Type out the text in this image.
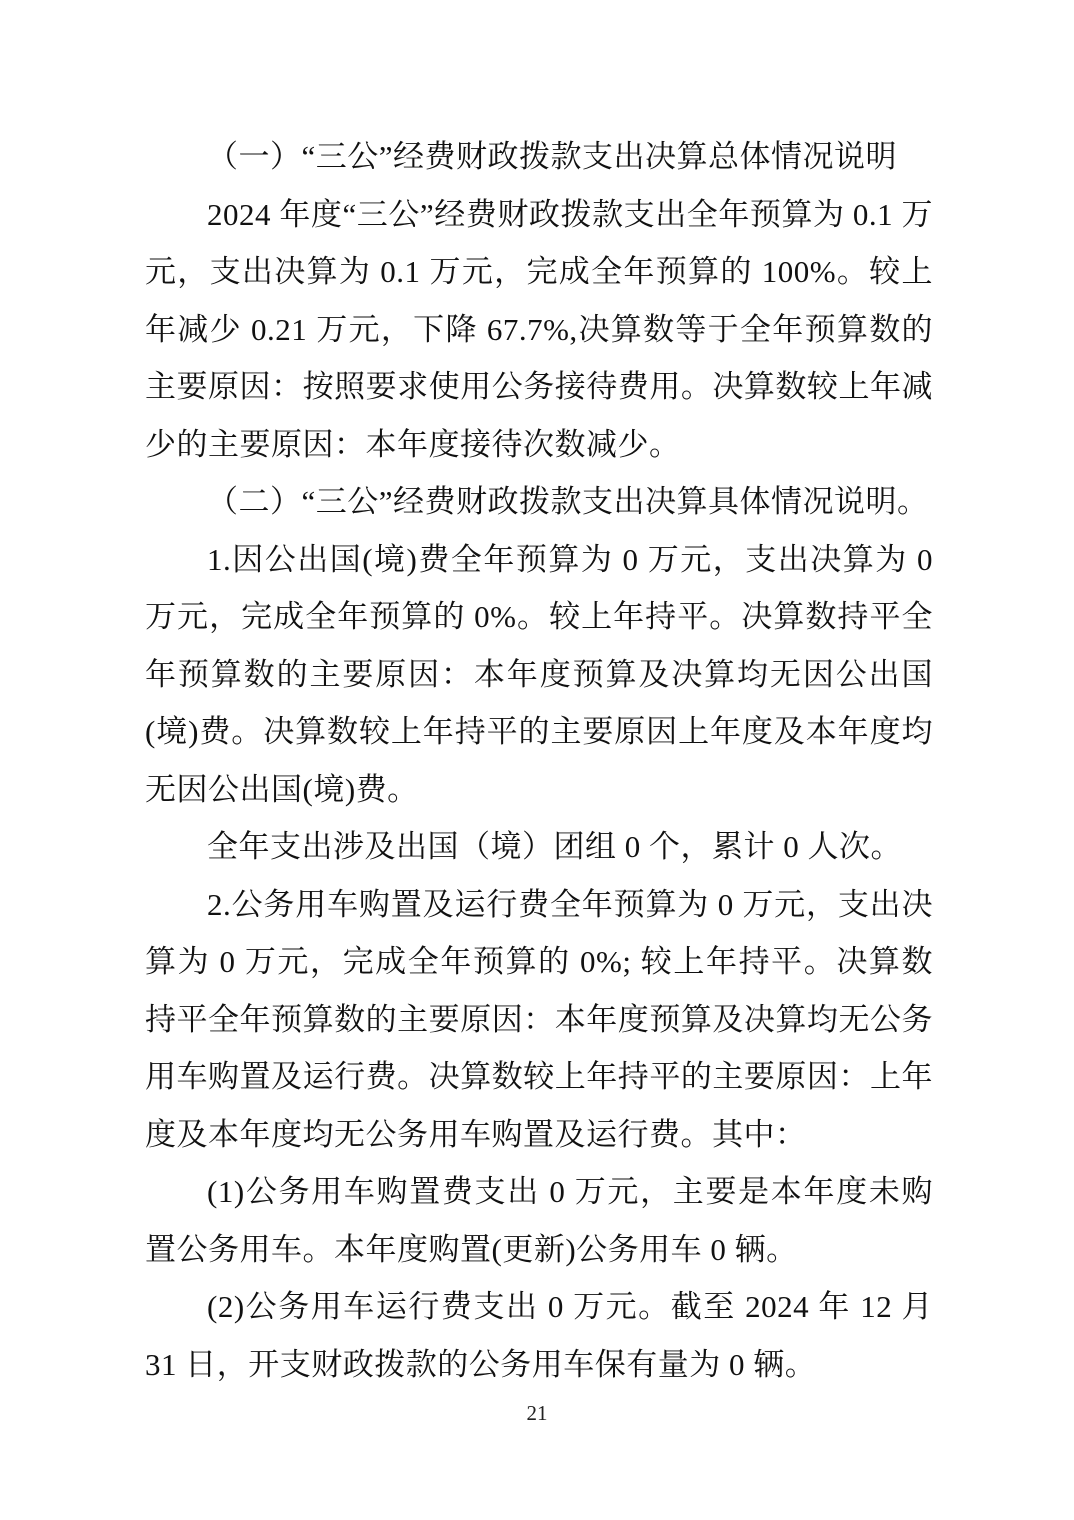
（一）“三公”经费财政拨款支出决算总体情况说明

2024 年度“三公”经费财政拨款支出全年预算为 0.1 万元，支出决算为 0.1 万元，完成全年预算的 100%。较上年减少 0.21 万元，下降 67.7%,决算数等于全年预算数的主要原因：按照要求使用公务接待费用。决算数较上年减少的主要原因：本年度接待次数减少。

（二）“三公”经费财政拨款支出决算具体情况说明。

1.因公出国(境)费全年预算为 0 万元，支出决算为 0 万元，完成全年预算的 0%。较上年持平。决算数持平全年预算数的主要原因：本年度预算及决算均无因公出国(境)费。决算数较上年持平的主要原因上年度及本年度均无因公出国(境)费。

全年支出涉及出国（境）团组 0 个，累计 0 人次。

2.公务用车购置及运行费全年预算为 0 万元，支出决算为 0 万元，完成全年预算的 0%; 较上年持平。决算数持平全年预算数的主要原因：本年度预算及决算均无公务用车购置及运行费。决算数较上年持平的主要原因：上年度及本年度均无公务用车购置及运行费。其中：

(1)公务用车购置费支出 0 万元，主要是本年度未购置公务用车。本年度购置(更新)公务用车 0 辆。

(2)公务用车运行费支出 0 万元。截至 2024 年 12 月 31 日，开支财政拨款的公务用车保有量为 0 辆。

21
